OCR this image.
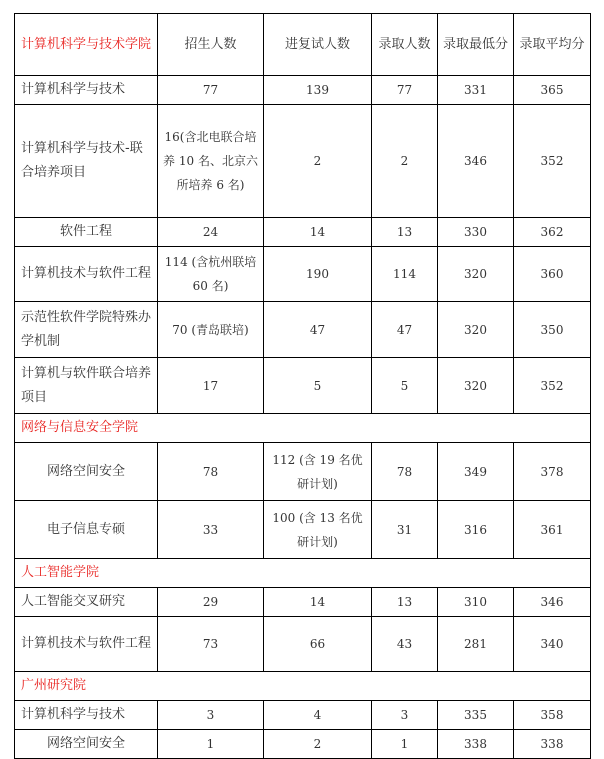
计算机科学与技术学院	招生人数	进复试人数	录取人数	录取最低分	录取平均分
计算机科学与技术	77	139	77	331	365
计算机科学与技术-联合培养项目	16(含北电联合培养 10 名、北京六所培养 6 名)	2	2	346	352
软件工程	24	14	13	330	362
计算机技术与软件工程	114 (含杭州联培 60 名)	190	114	320	360
示范性软件学院特殊办学机制	70 (青岛联培)	47	47	320	350
计算机与软件联合培养项目	17	5	5	320	352
网络与信息安全学院					
网络空间安全	78	112 (含 19 名优研计划)	78	349	378
电子信息专硕	33	100 (含 13 名优研计划)	31	316	361
人工智能学院					
人工智能交叉研究	29	14	13	310	346
计算机技术与软件工程	73	66	43	281	340
广州研究院					
计算机科学与技术	3	4	3	335	358
网络空间安全	1	2	1	338	338
